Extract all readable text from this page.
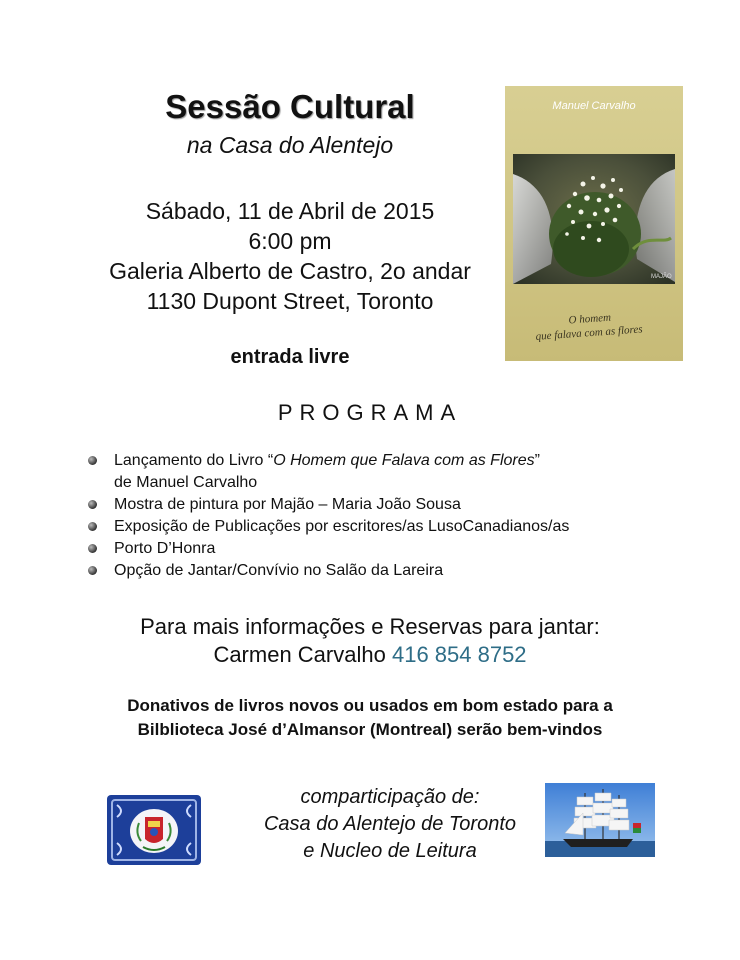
Sessão Cultural
na Casa do Alentejo
Sábado, 11 de Abril de 2015
6:00 pm
Galeria Alberto de Castro, 2o andar
1130 Dupont Street, Toronto
entrada livre
Manuel Carvalho
MAJÃO
O homem
que falava com as flores
PROGRAMA
Lançamento do Livro “O Homem que Falava com as Flores”
de Manuel Carvalho
Mostra de pintura por Majão – Maria João Sousa
Exposição de Publicações por escritores/as LusoCanadianos/as
Porto D’Honra
Opção de Jantar/Convívio no Salão da Lareira
Para mais informações e Reservas para jantar:
Carmen Carvalho 416 854 8752
Donativos de livros novos ou usados em bom estado para a
Bilblioteca José d’Almansor (Montreal) serão bem-vindos
comparticipação de:
Casa do Alentejo de Toronto
e Nucleo de Leitura
